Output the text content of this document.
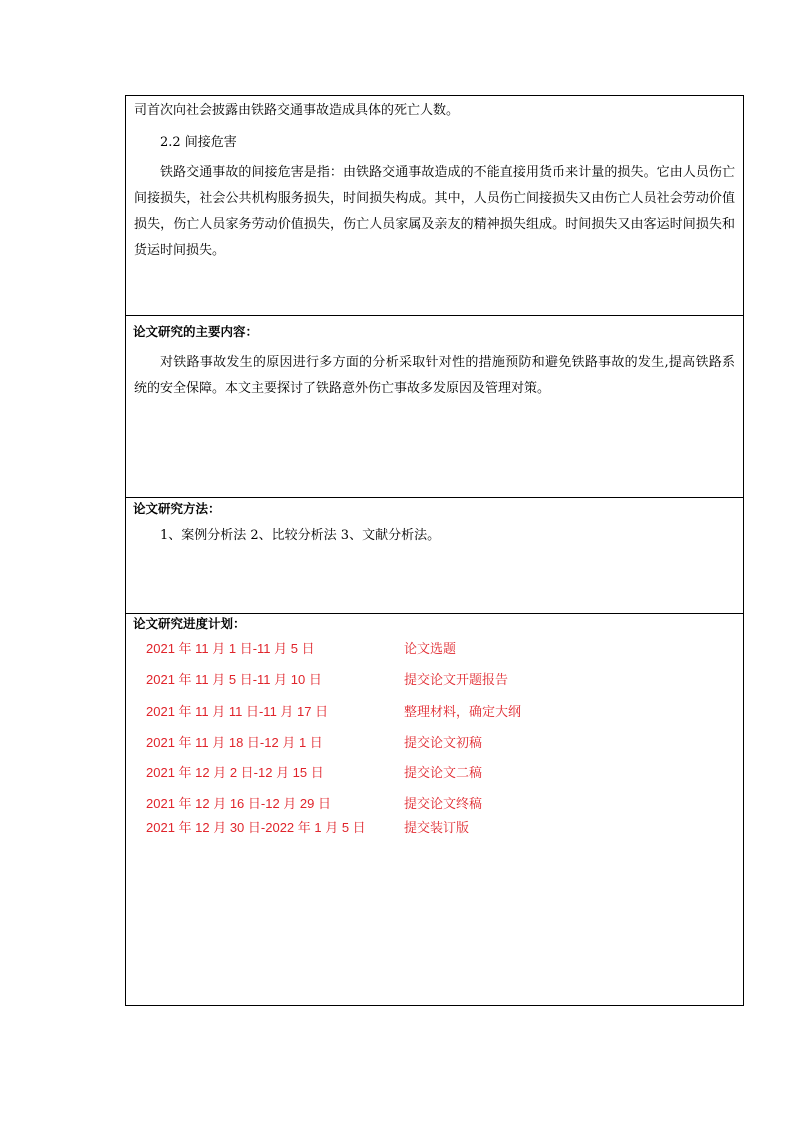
司首次向社会披露由铁路交通事故造成具体的死亡人数。

2.2 间接危害

铁路交通事故的间接危害是指：由铁路交通事故造成的不能直接用货币来计量的损失。它由人员伤亡间接损失，社会公共机构服务损失，时间损失构成。其中，人员伤亡间接损失又由伤亡人员社会劳动价值损失，伤亡人员家务劳动价值损失，伤亡人员家属及亲友的精神损失组成。时间损失又由客运时间损失和货运时间损失。

论文研究的主要内容：

对铁路事故发生的原因进行多方面的分析采取针对性的措施预防和避免铁路事故的发生,提高铁路系统的安全保障。本文主要探讨了铁路意外伤亡事故多发原因及管理对策。

论文研究方法：

1、案例分析法 2、比较分析法 3、文献分析法。

论文研究进度计划：
2021 年 11 月 1 日-11 月 5 日	论文选题
2021 年 11 月 5 日-11 月 10 日	提交论文开题报告
2021 年 11 月 11 日-11 月 17 日	整理材料，确定大纲
2021 年 11 月 18 日-12 月 1 日	提交论文初稿
2021 年 12 月 2 日-12 月 15 日	提交论文二稿
2021 年 12 月 16 日-12 月 29 日	提交论文终稿
2021 年 12 月 30 日-2022 年 1 月 5 日	提交装订版
